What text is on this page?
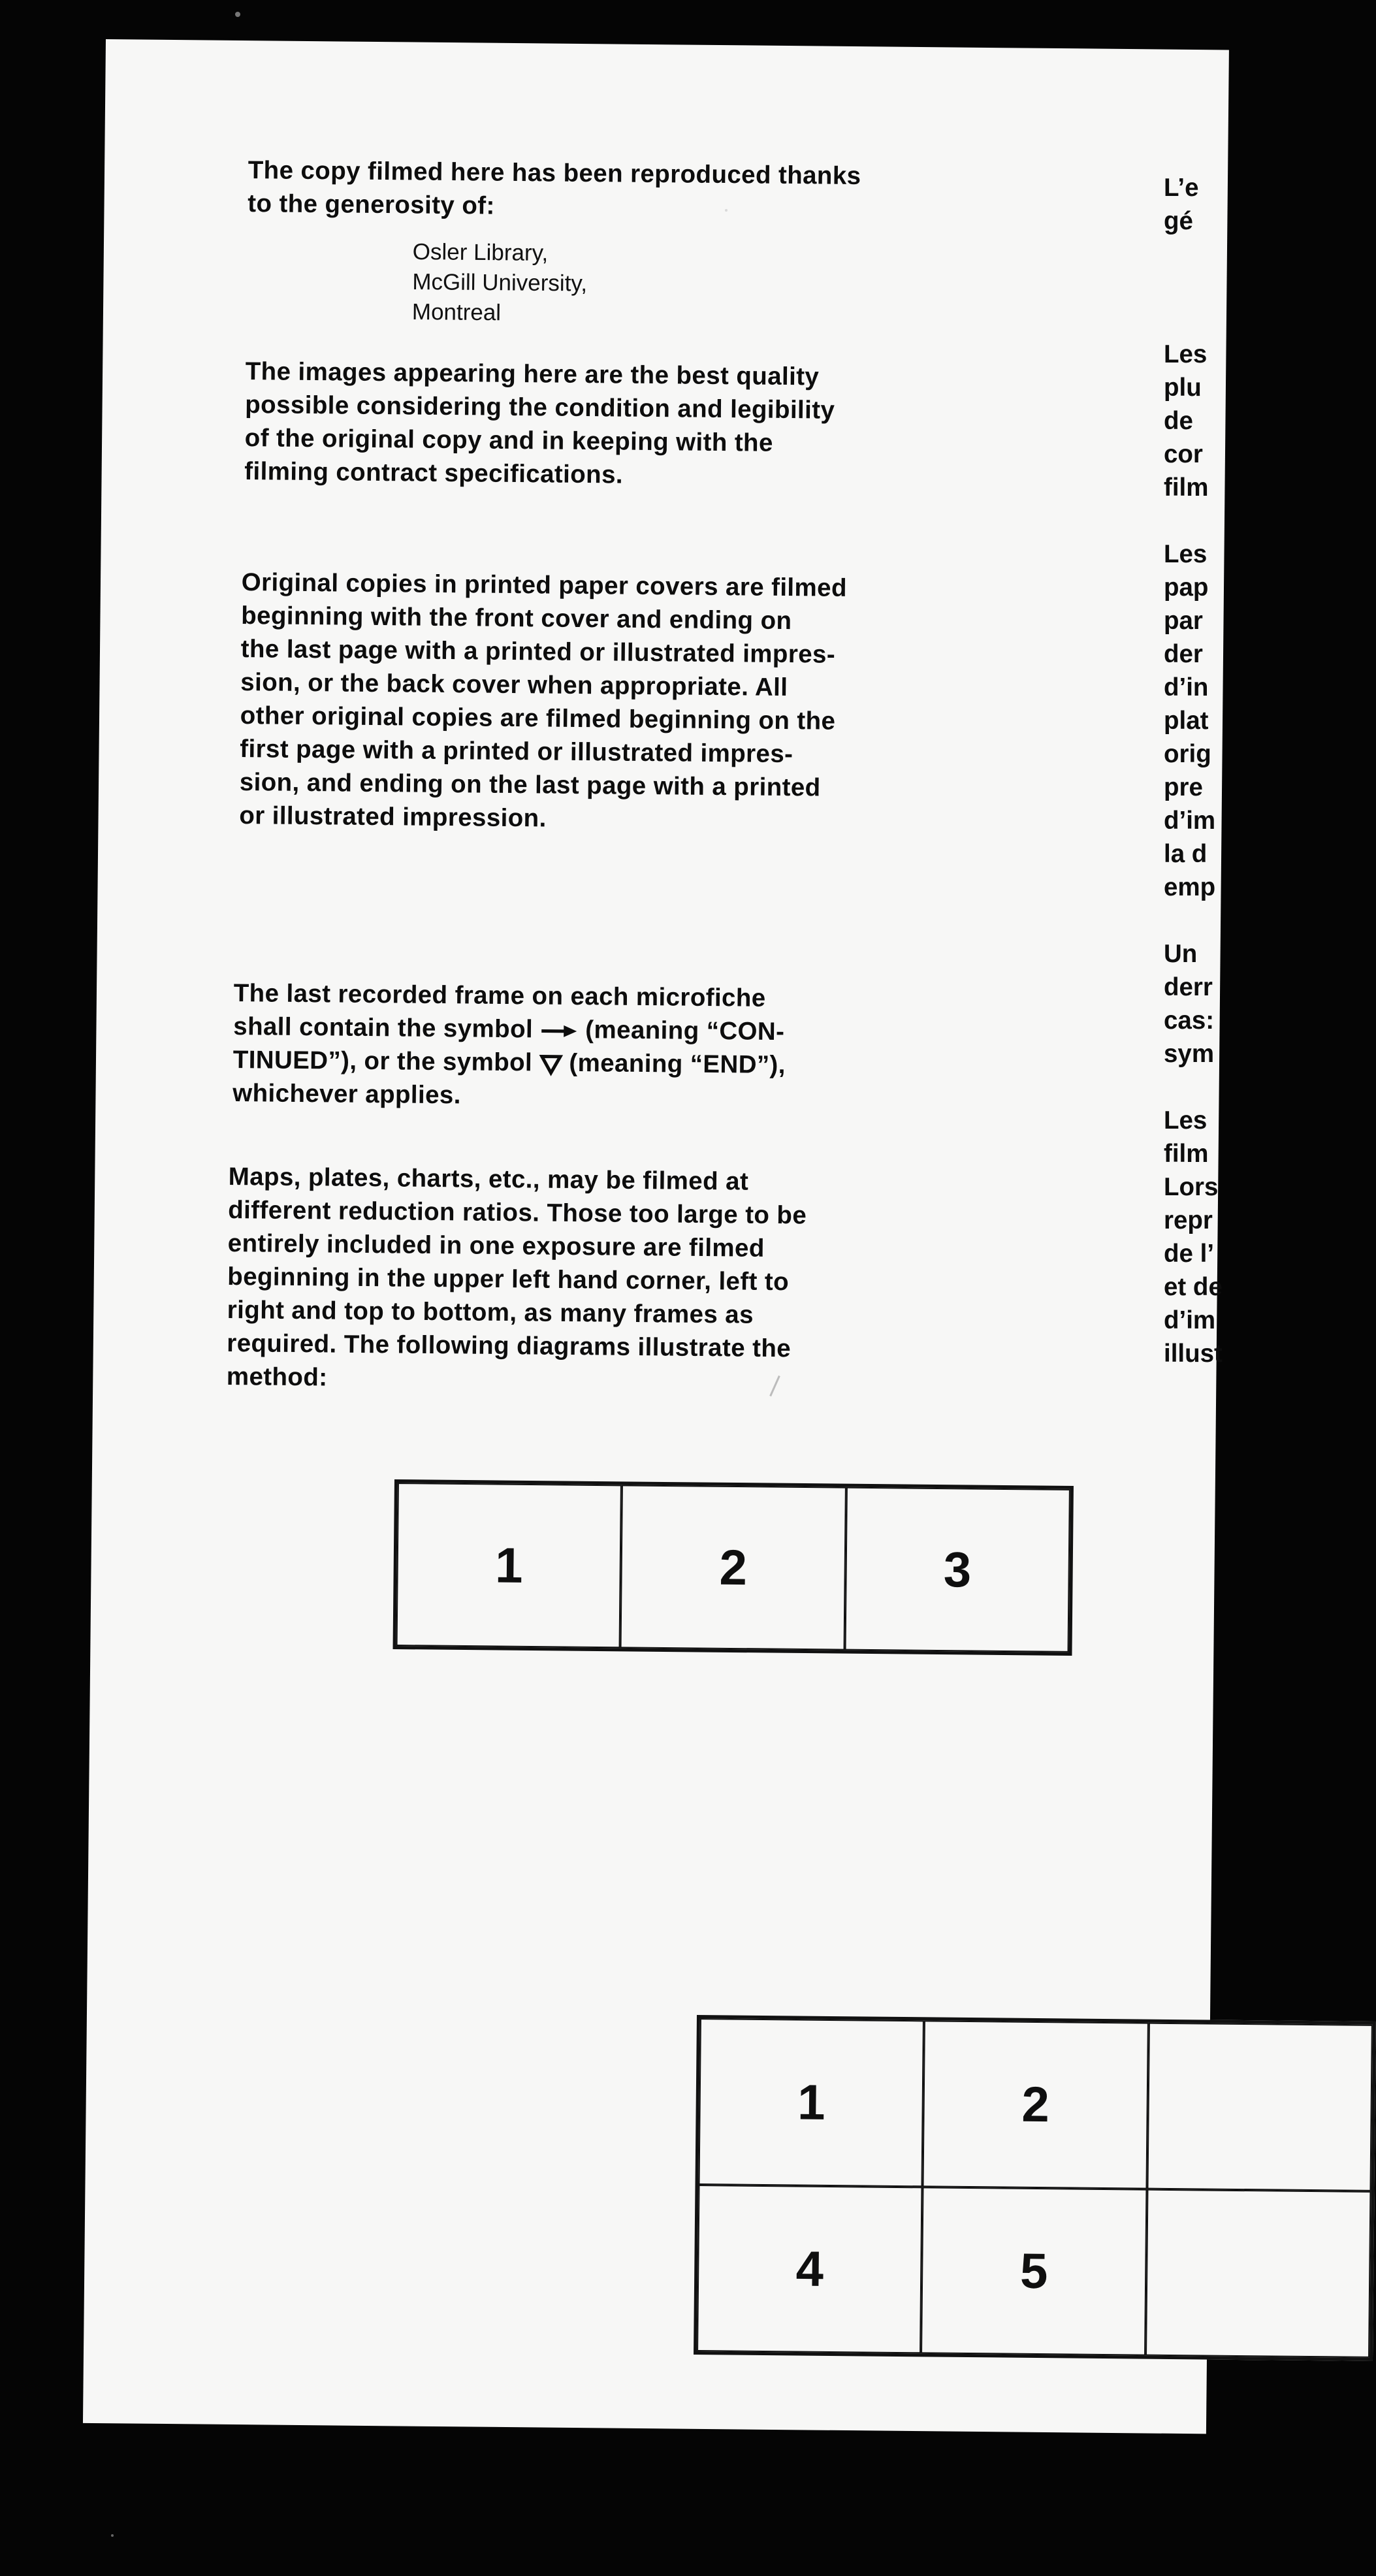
The copy filmed here has been reproduced thanks
to the generosity of:
Osler Library,
McGill University,
Montreal
The images appearing here are the best quality
possible considering the condition and legibility
of the original copy and in keeping with the
filming contract specifications.
Original copies in printed paper covers are filmed
beginning with the front cover and ending on
the last page with a printed or illustrated impres-
sion, or the back cover when appropriate. All
other original copies are filmed beginning on the
first page with a printed or illustrated impres-
sion, and ending on the last page with a printed
or illustrated impression.
The last recorded frame on each microfiche
shall contain the symbol  (meaning “CON-
TINUED”), or the symbol  (meaning “END”),
whichever applies.
Maps, plates, charts, etc., may be filmed at
different reduction ratios. Those too large to be
entirely included in one exposure are filmed
beginning in the upper left hand corner, left to
right and top to bottom, as many frames as
required. The following diagrams illustrate the
method:
1	2	3
1	2
4	5
L’e
gé
Les
plu
de
cor
film
Les
pap
par
der
d’in
plat
orig
pre
d’im
la d
emp
Un
derr
cas:
sym
Les
film
Lors
repr
de l’
et de
d’im
illust
